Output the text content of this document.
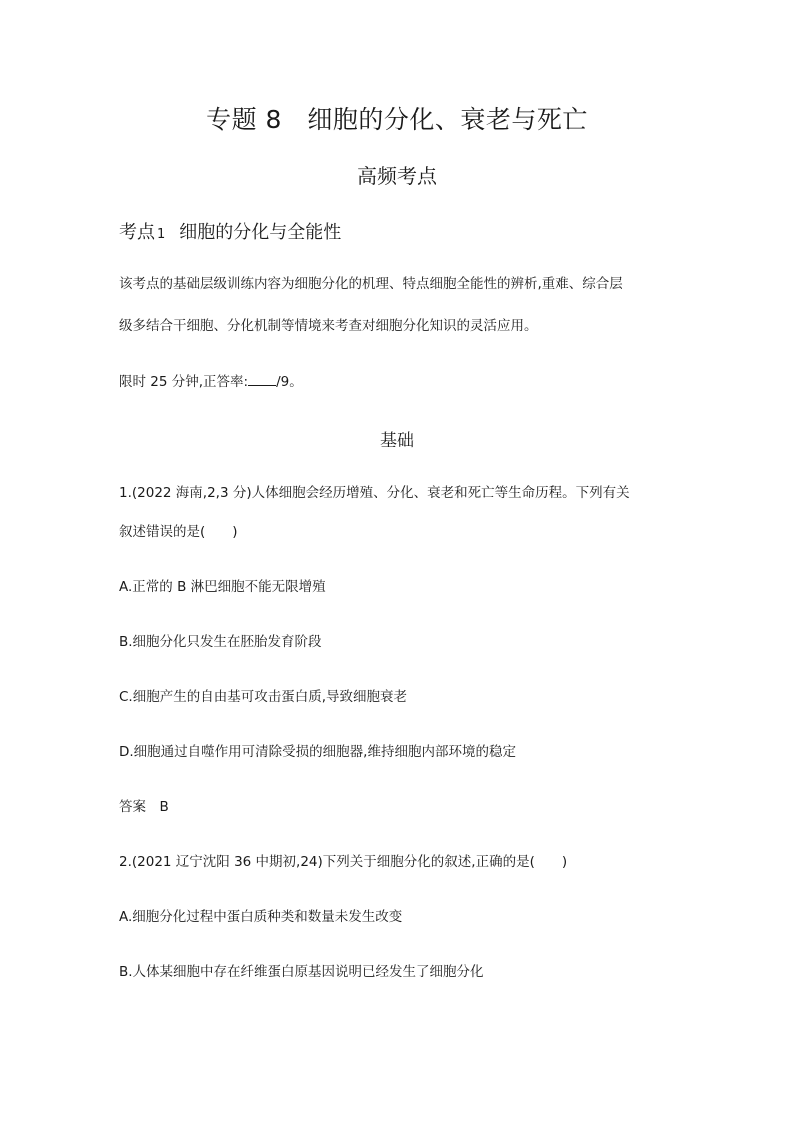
专题 8　细胞的分化、衰老与死亡
高频考点
考点 1 细胞的分化与全能性
该考点的基础层级训练内容为细胞分化的机理、特点细胞全能性的辨析,重难、综合层
级多结合干细胞、分化机制等情境来考查对细胞分化知识的灵活应用。
限时 25 分钟,正答率: /9。
基础
1.(2022 海南,2,3 分)人体细胞会经历增殖、分化、衰老和死亡等生命历程。下列有关
叙述错误的是(　　)
A.正常的 B 淋巴细胞不能无限增殖
B.细胞分化只发生在胚胎发育阶段
C.细胞产生的自由基可攻击蛋白质,导致细胞衰老
D.细胞通过自噬作用可清除受损的细胞器,维持细胞内部环境的稳定
答案　B
2.(2021 辽宁沈阳 36 中期初,24)下列关于细胞分化的叙述,正确的是(　　)
A.细胞分化过程中蛋白质种类和数量未发生改变
B.人体某细胞中存在纤维蛋白原基因说明已经发生了细胞分化
